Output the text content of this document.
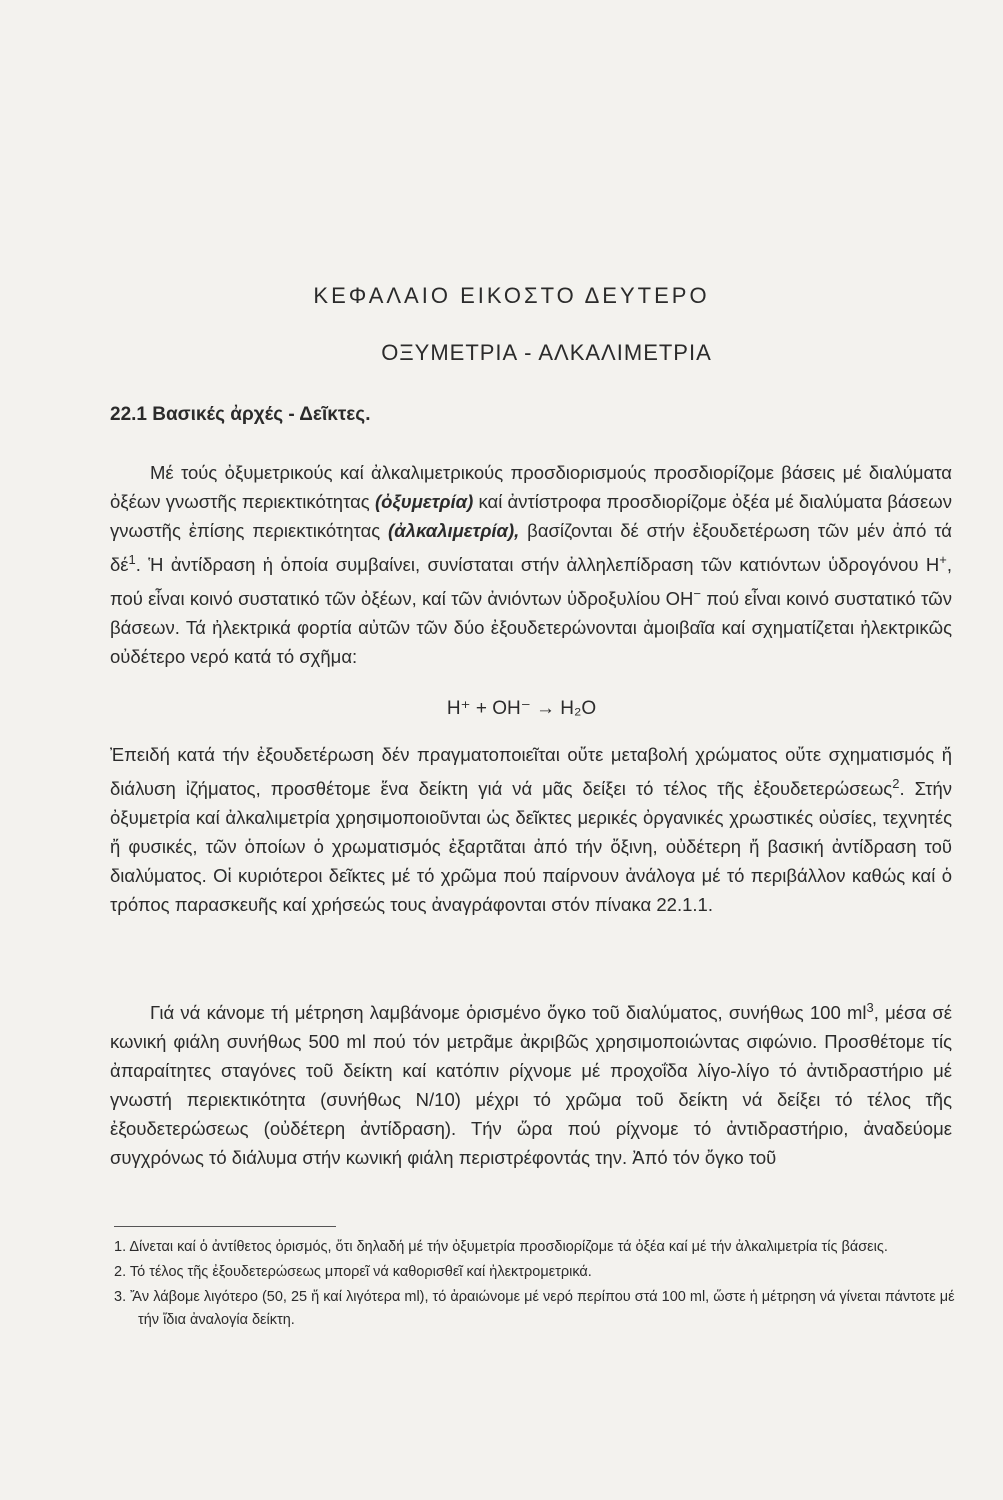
ΚΕΦΑΛΑΙΟ ΕΙΚΟΣΤΟ ΔΕΥΤΕΡΟ
ΟΞΥΜΕΤΡΙΑ - ΑΛΚΑΛΙΜΕΤΡΙΑ
22.1 Βασικές ἀρχές - Δεῖκτες.
Μέ τούς ὀξυμετρικούς καί ἀλκαλιμετρικούς προσδιορισμούς προσδιορίζομε βάσεις μέ διαλύματα ὀξέων γνωστῆς περιεκτικότητας (ὀξυμετρία) καί ἀντίστροφα προσδιορίζομε ὀξέα μέ διαλύματα βάσεων γνωστῆς ἐπίσης περιεκτικότητας (ἀλκαλιμετρία), βασίζονται δέ στήν ἐξουδετέρωση τῶν μέν ἀπό τά $\delta έ^1$. Ἡ ἀντίδραση ἡ ὁποία συμβαίνει, συνίσταται στήν ἀλληλεπίδραση τῶν κατιόντων ὑδρογόνου H+, πού εἶναι κοινό συστατικό τῶν ὀξέων, καί τῶν ἀνιόντων ὑδροξυλίου OH− πού εἶναι κοινό συστατικό τῶν βάσεων. Τά ἠλεκτρικά φορτία αὐτῶν τῶν δύο ἐξουδετερώνονται ἀμοιβαῖα καί σχηματίζεται ἠλεκτρικῶς οὐδέτερο νερό κατά τό σχῆμα:
H⁺ + OH⁻ → H₂O
Ἐπειδή κατά τήν ἐξουδετέρωση δέν πραγματοποιεῖται οὔτε μεταβολή χρώματος οὔτε σχηματισμός ἤ διάλυση ἰζήματος, προσθέτομε ἕνα δείκτη γιά νά μᾶς δείξει τό τέλος τῆς ἐξουδετερώσεως$^2$. Στήν ὀξυμετρία καί ἀλκαλιμετρία χρησιμοποιοῦνται ὡς δεῖκτες μερικές ὀργανικές χρωστικές οὐσίες, τεχνητές ἤ φυσικές, τῶν ὁποίων ὁ χρωματισμός ἐξαρτᾶται ἀπό τήν ὄξινη, οὐδέτερη ἤ βασική ἀντίδραση τοῦ διαλύματος. Οἱ κυριότεροι δεῖκτες μέ τό χρῶμα πού παίρνουν ἀνάλογα μέ τό περιβάλλον καθώς καί ὁ τρόπος παρασκευῆς καί χρήσεώς τους ἀναγράφονται στόν πίνακα 22.1.1.
Γιά νά κάνομε τή μέτρηση λαμβάνομε ὁρισμένο ὄγκο τοῦ διαλύματος, συνήθως 100 $ml^3$, μέσα σέ κωνική φιάλη συνήθως 500 ml πού τόν μετρᾶμε ἀκριβῶς χρησιμοποιώντας σιφώνιο. Προσθέτομε τίς ἀπαραίτητες σταγόνες τοῦ δείκτη καί κατόπιν ρίχνομε μέ προχοΐδα λίγο-λίγο τό ἀντιδραστήριο μέ γνωστή περιεκτικότητα (συνήθως N/10) μέχρι τό χρῶμα τοῦ δείκτη νά δείξει τό τέλος τῆς ἐξουδετερώσεως (οὐδέτερη ἀντίδραση). Τήν ὥρα πού ρίχνομε τό ἀντιδραστήριο, ἀναδεύομε συγχρόνως τό διάλυμα στήν κωνική φιάλη περιστρέφοντάς την. Ἀπό τόν ὄγκο τοῦ

1. Δίνεται καί ὁ ἀντίθετος ὁρισμός, ὅτι δηλαδή μέ τήν ὀξυμετρία προσδιορίζομε τά ὀξέα καί μέ τήν ἀλκαλιμετρία τίς βάσεις.

2. Τό τέλος τῆς ἐξουδετερώσεως μπορεῖ νά καθορισθεῖ καί ἠλεκτρομετρικά.

3. Ἄν λάβομε λιγότερο (50, 25 ἤ καί λιγότερα ml), τό ἀραιώνομε μέ νερό περίπου στά 100 ml, ὥστε ἡ μέτρηση νά γίνεται πάντοτε μέ τήν ἴδια ἀναλογία δείκτη.
